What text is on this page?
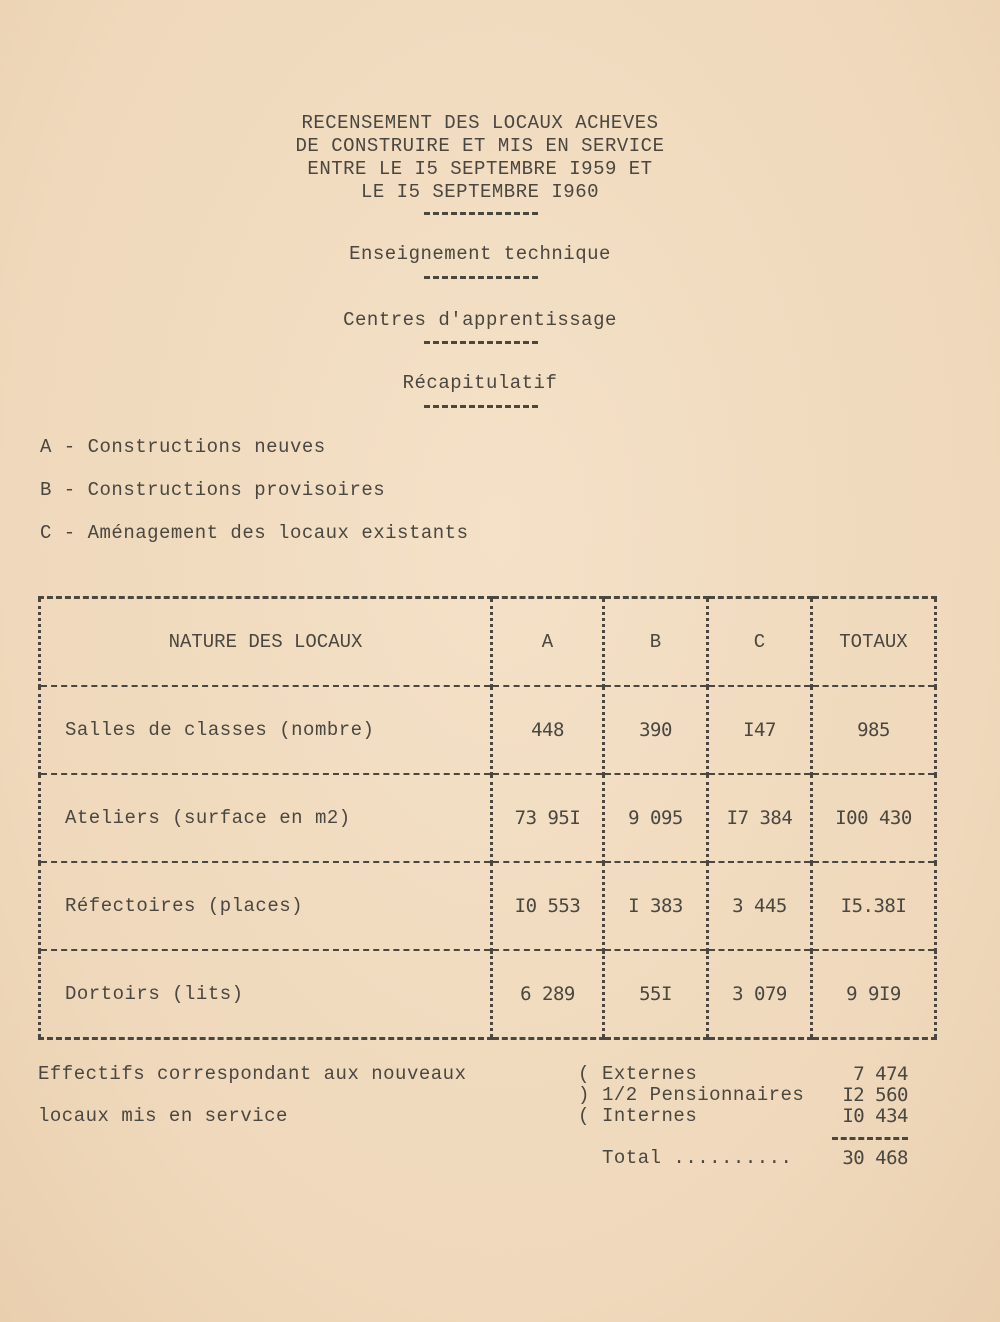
RECENSEMENT DES LOCAUX ACHEVES
DE CONSTRUIRE ET MIS EN SERVICE
ENTRE LE I5 SEPTEMBRE I959 ET
LE I5 SEPTEMBRE I960
Enseignement technique
Centres d'apprentissage
Récapitulatif
A - Constructions neuves
B - Constructions provisoires
C - Aménagement des locaux existants
NATURE DES LOCAUX	A	B	C	TOTAUX
Salles de classes (nombre)	448	390	I47	985
Ateliers (surface en m2)	73 95I	9 095	I7 384	I00 430
Réfectoires (places)	I0 553	I 383	3 445	I5.38I
Dortoirs (lits)	6 289	55I	3 079	9 9I9
Effectifs correspondant aux nouveaux
locaux mis en service
( Externes	7 474
) 1/2 Pensionnaires	I2 560
( Internes	I0 434
Total ..........	30 468
